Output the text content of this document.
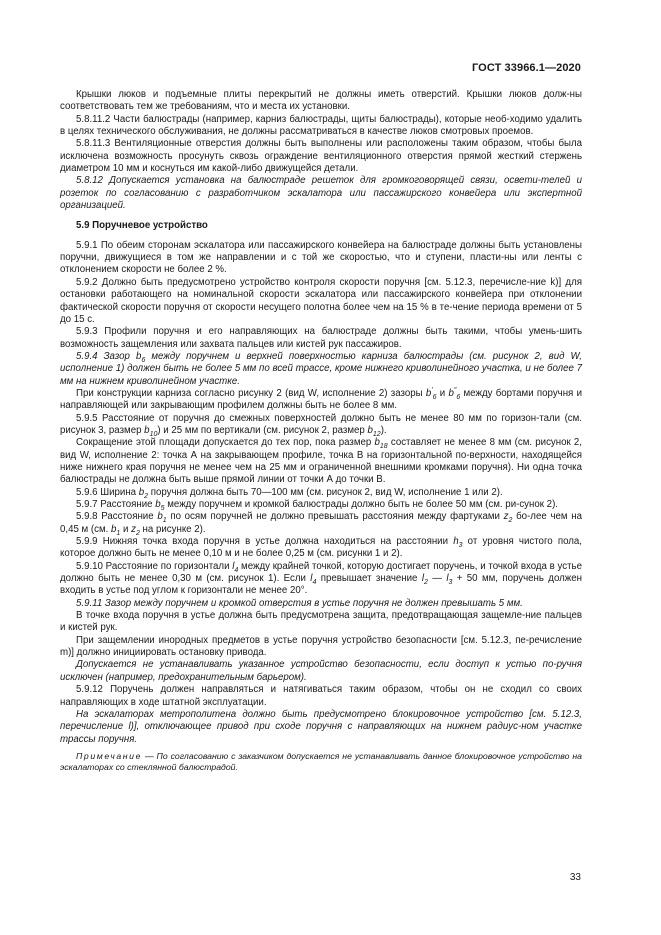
ГОСТ 33966.1—2020

Крышки люков и подъемные плиты перекрытий не должны иметь отверстий. Крышки люков долж-ны соответствовать тем же требованиям, что и места их установки.

5.8.11.2 Части балюстрады (например, карниз балюстрады, щиты балюстрады), которые необ-ходимо удалить в целях технического обслуживания, не должны рассматриваться в качестве люков смотровых проемов.

5.8.11.3 Вентиляционные отверстия должны быть выполнены или расположены таким образом, чтобы была исключена возможность просунуть сквозь ограждение вентиляционного отверстия прямой жесткий стержень диаметром 10 мм и коснуться им какой-либо движущейся детали.

5.8.12 Допускается установка на балюстраде решеток для громкоговорящей связи, освети-телей и розеток по согласованию с разработчиком эскалатора или пассажирского конвейера или экспертной организацией.

5.9 Поручневое устройство

5.9.1 По обеим сторонам эскалатора или пассажирского конвейера на балюстраде должны быть установлены поручни, движущиеся в том же направлении и с той же скоростью, что и ступени, пласти-ны или ленты с отклонением скорости не более 2 %.

5.9.2 Должно быть предусмотрено устройство контроля скорости поручня [см. 5.12.3, перечисле-ние k)] для остановки работающего на номинальной скорости эскалатора или пассажирского конвейера при отклонении фактической скорости поручня от скорости несущего полотна более чем на 15 % в те-чение периода времени от 5 до 15 с.

5.9.3 Профили поручня и его направляющих на балюстраде должны быть такими, чтобы умень-шить возможность защемления или захвата пальцев или кистей рук пассажиров.

5.9.4 Зазор $b_6$ между поручнем и верхней поверхностью карниза балюстрады (см. рисунок 2, вид W, исполнение 1) должен быть не более 5 мм по всей трассе, кроме нижнего криволинейного участка, и не более 7 мм на нижнем криволинейном участке.

При конструкции карниза согласно рисунку 2 (вид W, исполнение 2) зазоры $b'_6$ и $b''_6$ между бортами поручня и направляющей или закрывающим профилем должны быть не более 8 мм.

5.9.5 Расстояние от поручня до смежных поверхностей должно быть не менее 80 мм по горизон-тали (см. рисунок 3, размер $b_{10}$) и 25 мм по вертикали (см. рисунок 2, размер $b_{12}$).

Сокращение этой площади допускается до тех пор, пока размер $b_{18}$ составляет не менее 8 мм (см. рисунок 2, вид W, исполнение 2: точка А на закрывающем профиле, точка В на горизонтальной по-верхности, находящейся ниже нижнего края поручня не менее чем на 25 мм и ограниченной внешними кромками поручня). Ни одна точка балюстрады не должна быть выше прямой линии от точки А до точки В.

5.9.6 Ширина $b_2$ поручня должна быть 70—100 мм (см. рисунок 2, вид W, исполнение 1 или 2).

5.9.7 Расстояние $b_5$ между поручнем и кромкой балюстрады должно быть не более 50 мм (см. ри-сунок 2).

5.9.8 Расстояние $b_1$ по осям поручней не должно превышать расстояния между фартуками $z_2$ бо-лее чем на 0,45 м (см. $b_1$ и $z_2$ на рисунке 2).

5.9.9 Нижняя точка входа поручня в устье должна находиться на расстоянии $h_3$ от уровня чистого пола, которое должно быть не менее 0,10 м и не более 0,25 м (см. рисунки 1 и 2).

5.9.10 Расстояние по горизонтали $l_4$ между крайней точкой, которую достигает поручень, и точкой входа в устье должно быть не менее 0,30 м (см. рисунок 1). Если $l_4$ превышает значение $l_2$ — $l_3 + 50$ мм, поручень должен входить в устье под углом к горизонтали не менее 20°.

5.9.11 Зазор между поручнем и кромкой отверстия в устье поручня не должен превышать 5 мм.

В точке входа поручня в устье должна быть предусмотрена защита, предотвращающая защемле-ние пальцев и кистей рук.

При защемлении инородных предметов в устье поручня устройство безопасности [см. 5.12.3, пе-речисление m)] должно инициировать остановку привода.

Допускается не устанавливать указанное устройство безопасности, если доступ к устью по-ручня исключен (например, предохранительным барьером).

5.9.12 Поручень должен направляться и натягиваться таким образом, чтобы он не сходил со своих направляющих в ходе штатной эксплуатации.

На эскалаторах метрополитена должно быть предусмотрено блокировочное устройство [см. 5.12.3, перечисление l)], отключающее привод при сходе поручня с направляющих на нижнем радиус-ном участке трассы поручня.

Примечание — По согласованию с заказчиком допускается не устанавливать данное блокировочное устройство на эскалаторах со стеклянной балюстрадой.

33
